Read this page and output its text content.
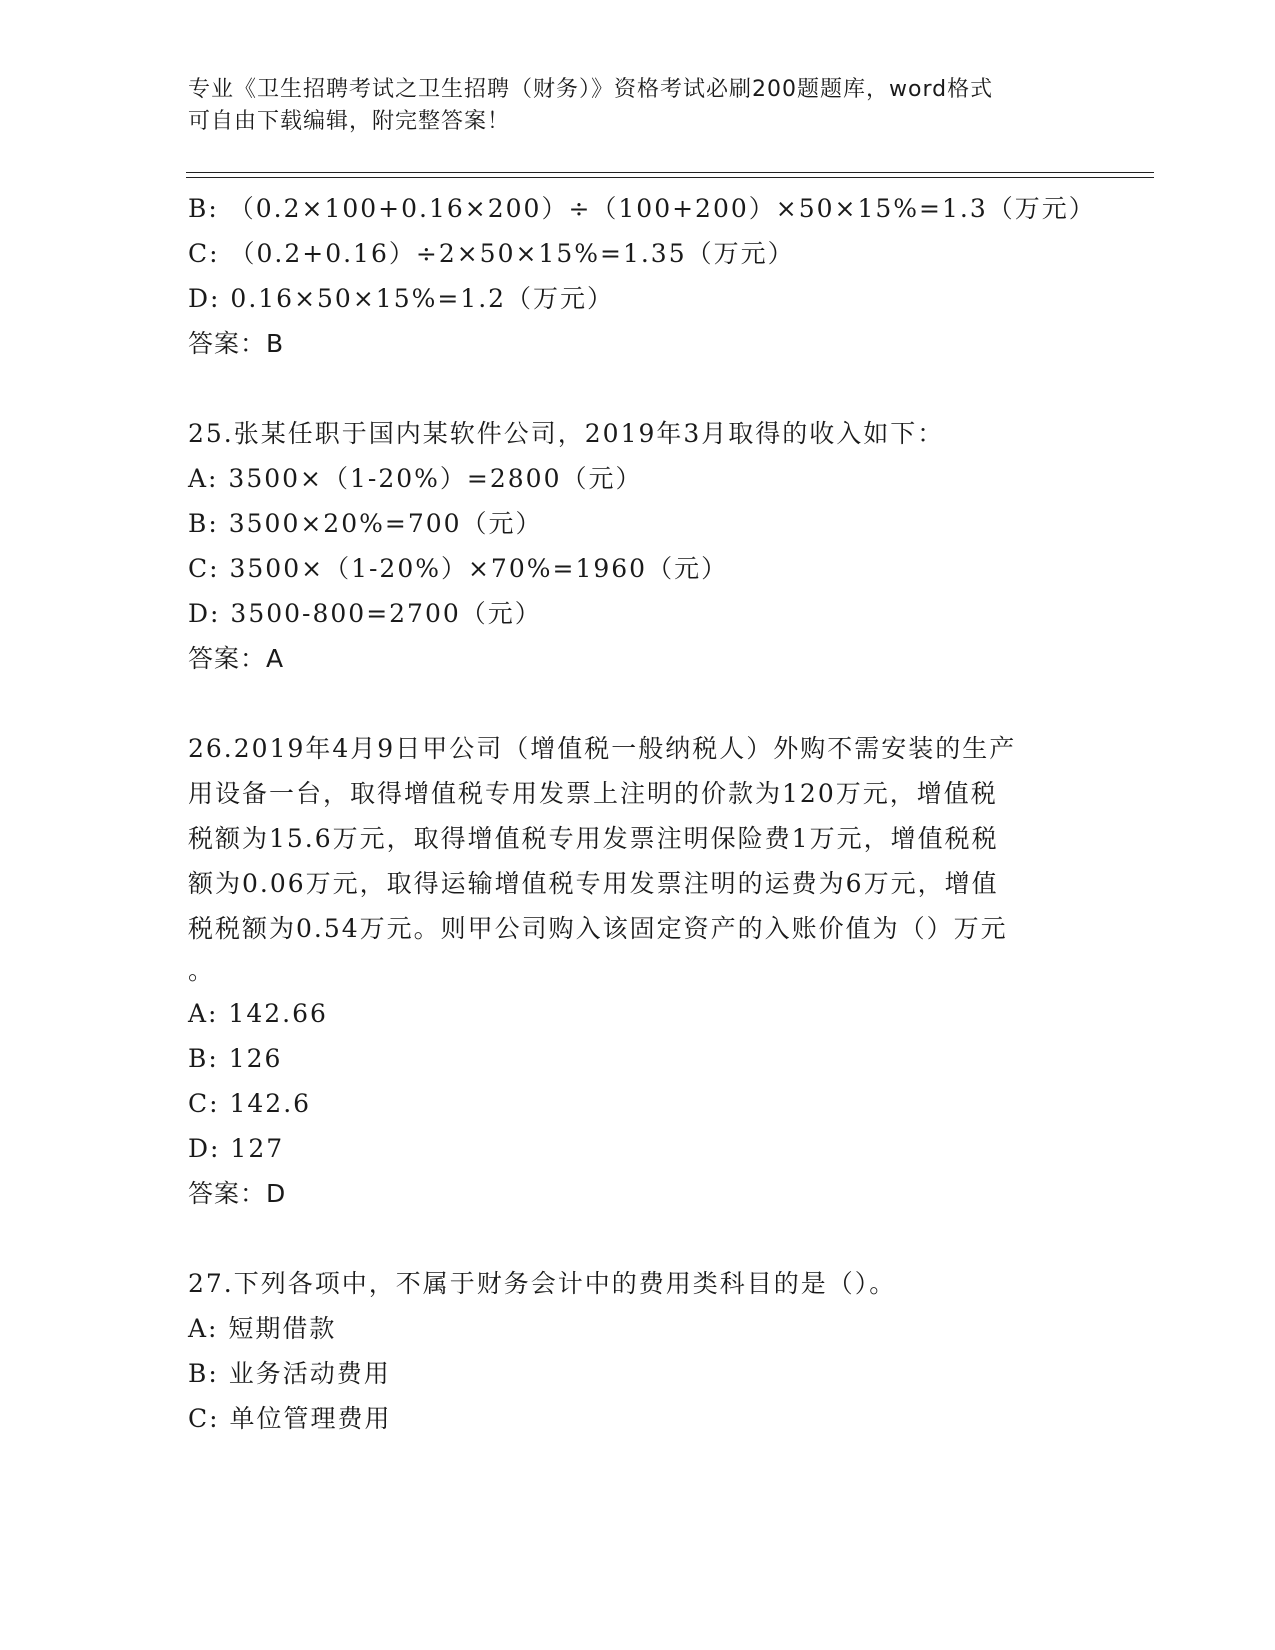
专业《卫生招聘考试之卫生招聘（财务）》资格考试必刷200题题库，word格式
可自由下载编辑，附完整答案！
B: （0.2×100+0.16×200）÷（100+200）×50×15%=1.3（万元）
C: （0.2+0.16）÷2×50×15%=1.35（万元）
D: 0.16×50×15%=1.2（万元）
答案：B
25.张某任职于国内某软件公司，2019年3月取得的收入如下：
A: 3500×（1-20%）=2800（元）
B: 3500×20%=700（元）
C: 3500×（1-20%）×70%=1960（元）
D: 3500-800=2700（元）
答案：A
26.2019年4月9日甲公司（增值税一般纳税人）外购不需安装的生产
用设备一台，取得增值税专用发票上注明的价款为120万元，增值税
税额为15.6万元，取得增值税专用发票注明保险费1万元，增值税税
额为0.06万元，取得运输增值税专用发票注明的运费为6万元，增值
税税额为0.54万元。则甲公司购入该固定资产的入账价值为（）万元
。
A: 142.66
B: 126
C: 142.6
D: 127
答案：D
27.下列各项中，不属于财务会计中的费用类科目的是（）。
A: 短期借款
B: 业务活动费用
C: 单位管理费用
